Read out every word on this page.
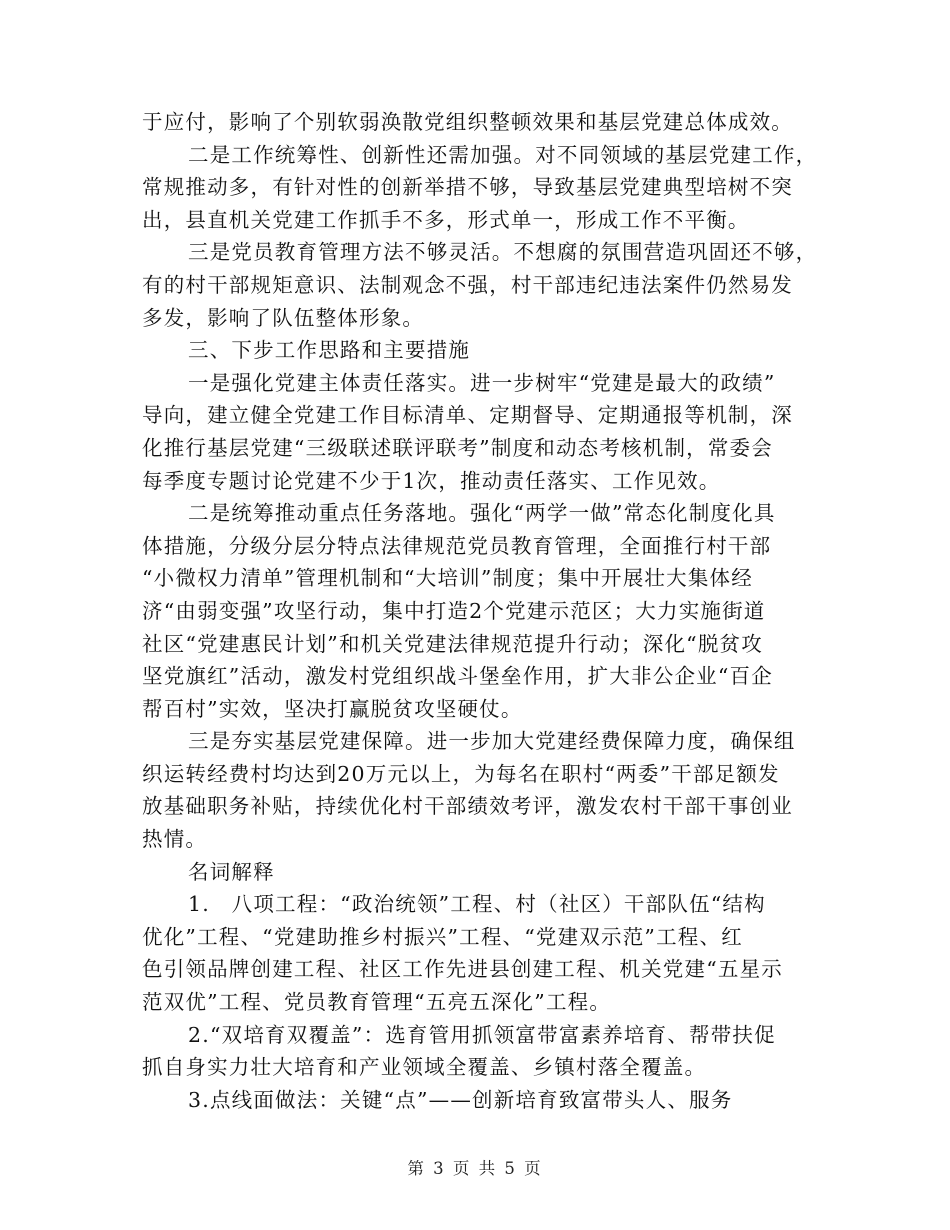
于应付，影响了个别软弱涣散党组织整顿效果和基层党建总体成效。
二是工作统筹性、创新性还需加强。对不同领域的基层党建工作，
常规推动多，有针对性的创新举措不够，导致基层党建典型培树不突
出，县直机关党建工作抓手不多，形式单一，形成工作不平衡。
三是党员教育管理方法不够灵活。不想腐的氛围营造巩固还不够，
有的村干部规矩意识、法制观念不强，村干部违纪违法案件仍然易发
多发，影响了队伍整体形象。
三、下步工作思路和主要措施
一是强化党建主体责任落实。进一步树牢“党建是最大的政绩”
导向，建立健全党建工作目标清单、定期督导、定期通报等机制，深
化推行基层党建“三级联述联评联考”制度和动态考核机制，常委会
每季度专题讨论党建不少于1次，推动责任落实、工作见效。
二是统筹推动重点任务落地。强化“两学一做”常态化制度化具
体措施，分级分层分特点法律规范党员教育管理，全面推行村干部
“小微权力清单”管理机制和“大培训”制度；集中开展壮大集体经
济“由弱变强”攻坚行动，集中打造2个党建示范区；大力实施街道
社区“党建惠民计划”和机关党建法律规范提升行动；深化“脱贫攻
坚党旗红”活动，激发村党组织战斗堡垒作用，扩大非公企业“百企
帮百村”实效，坚决打赢脱贫攻坚硬仗。
三是夯实基层党建保障。进一步加大党建经费保障力度，确保组
织运转经费村均达到20万元以上，为每名在职村“两委”干部足额发
放基础职务补贴，持续优化村干部绩效考评，激发农村干部干事创业
热情。
名词解释
1.　八项工程：“政治统领”工程、村（社区）干部队伍“结构
优化”工程、“党建助推乡村振兴”工程、“党建双示范”工程、红
色引领品牌创建工程、社区工作先进县创建工程、机关党建“五星示
范双优”工程、党员教育管理“五亮五深化”工程。
2.“双培育双覆盖”：选育管用抓领富带富素养培育、帮带扶促
抓自身实力壮大培育和产业领域全覆盖、乡镇村落全覆盖。
3.点线面做法：关键“点”——创新培育致富带头人、服务
第 3 页 共 5 页
